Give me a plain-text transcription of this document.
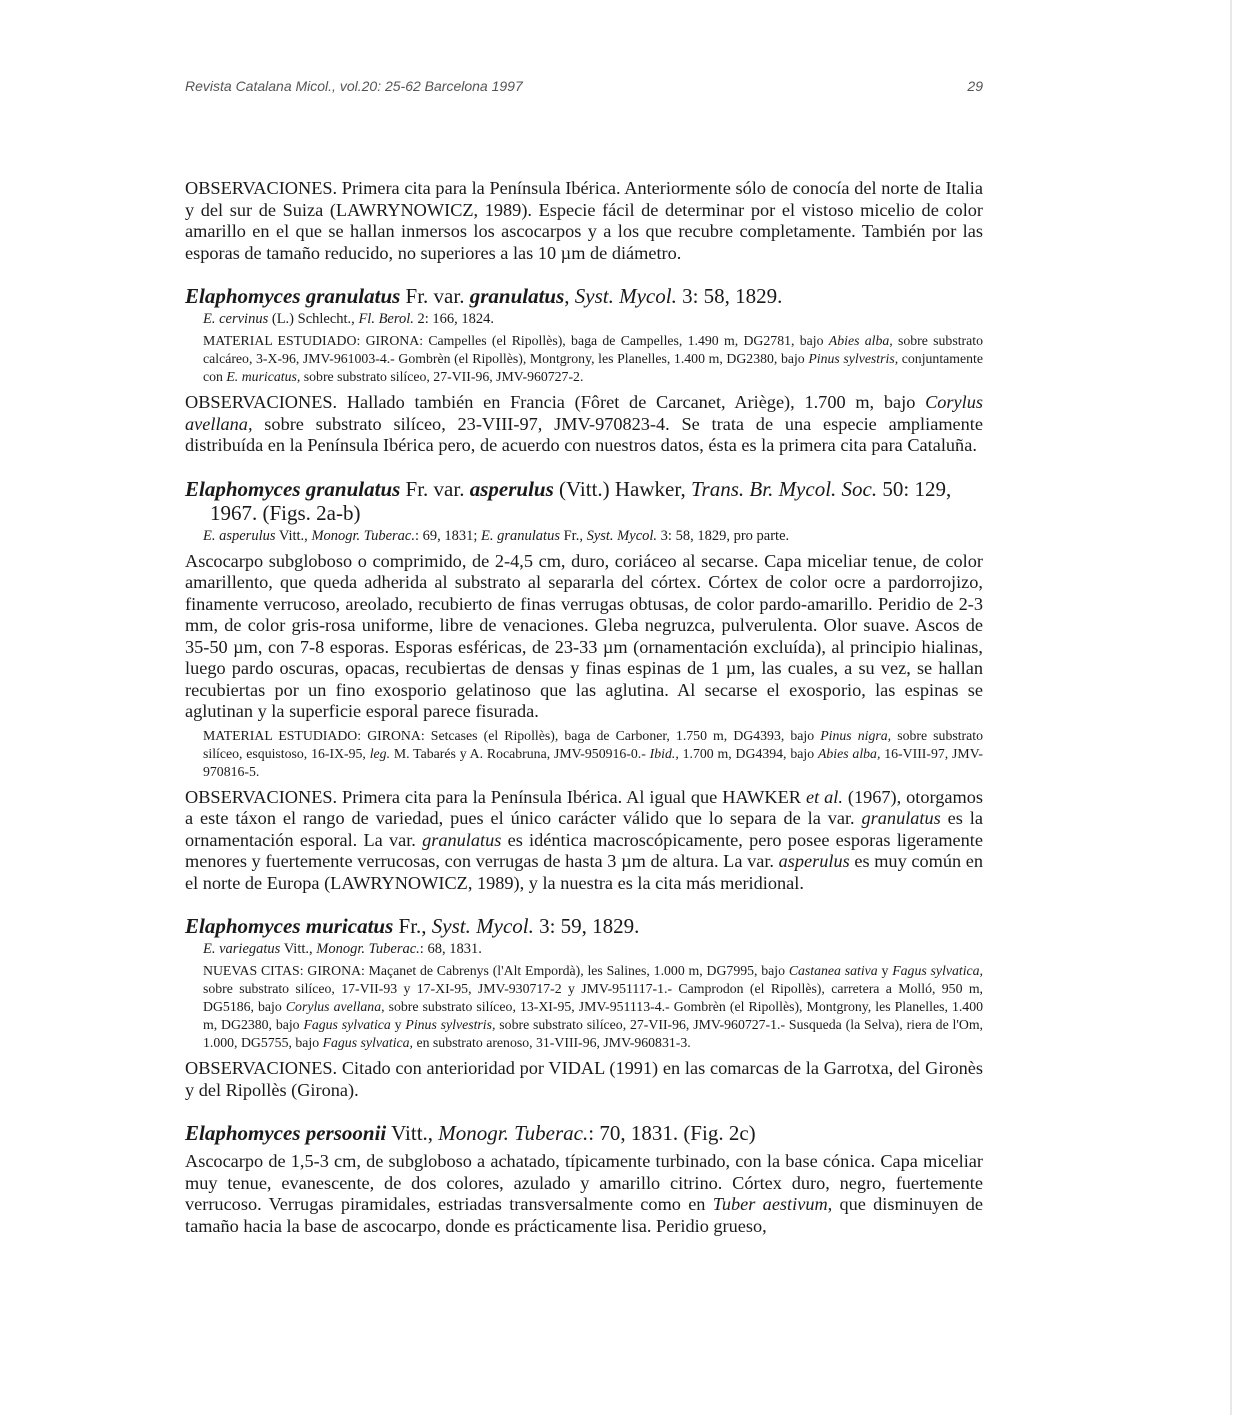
Revista Catalana Micol., vol.20: 25-62 Barcelona 1997	29

OBSERVACIONES. Primera cita para la Península Ibérica. Anteriormente sólo de conocía del norte de Italia y del sur de Suiza (LAWRYNOWICZ, 1989). Especie fácil de determinar por el vistoso micelio de color amarillo en el que se hallan inmersos los ascocarpos y a los que recubre completamente. También por las esporas de tamaño reducido, no superiores a las 10 µm de diámetro.

Elaphomyces granulatus Fr. var. granulatus, Syst. Mycol. 3: 58, 1829.

E. cervinus (L.) Schlecht., Fl. Berol. 2: 166, 1824.

MATERIAL ESTUDIADO: GIRONA: Campelles (el Ripollès), baga de Campelles, 1.490 m, DG2781, bajo Abies alba, sobre substrato calcáreo, 3-X-96, JMV-961003-4.- Gombrèn (el Ripollès), Montgrony, les Planelles, 1.400 m, DG2380, bajo Pinus sylvestris, conjuntamente con E. muricatus, sobre substrato silíceo, 27-VII-96, JMV-960727-2.

OBSERVACIONES. Hallado también en Francia (Fôret de Carcanet, Ariège), 1.700 m, bajo Corylus avellana, sobre substrato silíceo, 23-VIII-97, JMV-970823-4. Se trata de una especie ampliamente distribuída en la Península Ibérica pero, de acuerdo con nuestros datos, ésta es la primera cita para Cataluña.

Elaphomyces granulatus Fr. var. asperulus (Vitt.) Hawker, Trans. Br. Mycol. Soc. 50: 129,
1967. (Figs. 2a-b)

E. asperulus Vitt., Monogr. Tuberac.: 69, 1831; E. granulatus Fr., Syst. Mycol. 3: 58, 1829, pro parte.

Ascocarpo subgloboso o comprimido, de 2-4,5 cm, duro, coriáceo al secarse. Capa miceliar tenue, de color amarillento, que queda adherida al substrato al separarla del córtex. Córtex de color ocre a pardorrojizo, finamente verrucoso, areolado, recubierto de finas verrugas obtusas, de color pardo-amarillo. Peridio de 2-3 mm, de color gris-rosa uniforme, libre de venaciones. Gleba negruzca, pulverulenta. Olor suave. Ascos de 35-50 µm, con 7-8 esporas. Esporas esféricas, de 23-33 µm (ornamentación excluída), al principio hialinas, luego pardo oscuras, opacas, recubiertas de densas y finas espinas de 1 µm, las cuales, a su vez, se hallan recubiertas por un fino exosporio gelatinoso que las aglutina. Al secarse el exosporio, las espinas se aglutinan y la superficie esporal parece fisurada.

MATERIAL ESTUDIADO: GIRONA: Setcases (el Ripollès), baga de Carboner, 1.750 m, DG4393, bajo Pinus nigra, sobre substrato silíceo, esquistoso, 16-IX-95, leg. M. Tabarés y A. Rocabruna, JMV-950916-0.- Ibid., 1.700 m, DG4394, bajo Abies alba, 16-VIII-97, JMV-970816-5.

OBSERVACIONES. Primera cita para la Península Ibérica. Al igual que HAWKER et al. (1967), otorgamos a este táxon el rango de variedad, pues el único carácter válido que lo separa de la var. granulatus es la ornamentación esporal. La var. granulatus es idéntica macroscópicamente, pero posee esporas ligeramente menores y fuertemente verrucosas, con verrugas de hasta 3 µm de altura. La var. asperulus es muy común en el norte de Europa (LAWRYNOWICZ, 1989), y la nuestra es la cita más meridional.

Elaphomyces muricatus Fr., Syst. Mycol. 3: 59, 1829.

E. variegatus Vitt., Monogr. Tuberac.: 68, 1831.

NUEVAS CITAS: GIRONA: Maçanet de Cabrenys (l'Alt Empordà), les Salines, 1.000 m, DG7995, bajo Castanea sativa y Fagus sylvatica, sobre substrato silíceo, 17-VII-93 y 17-XI-95, JMV-930717-2 y JMV-951117-1.- Camprodon (el Ripollès), carretera a Molló, 950 m, DG5186, bajo Corylus avellana, sobre substrato silíceo, 13-XI-95, JMV-951113-4.- Gombrèn (el Ripollès), Montgrony, les Planelles, 1.400 m, DG2380, bajo Fagus sylvatica y Pinus sylvestris, sobre substrato silíceo, 27-VII-96, JMV-960727-1.- Susqueda (la Selva), riera de l'Om, 1.000, DG5755, bajo Fagus sylvatica, en substrato arenoso, 31-VIII-96, JMV-960831-3.

OBSERVACIONES. Citado con anterioridad por VIDAL (1991) en las comarcas de la Garrotxa, del Gironès y del Ripollès (Girona).

Elaphomyces persoonii Vitt., Monogr. Tuberac.: 70, 1831. (Fig. 2c)

Ascocarpo de 1,5-3 cm, de subgloboso a achatado, típicamente turbinado, con la base cónica. Capa miceliar muy tenue, evanescente, de dos colores, azulado y amarillo citrino. Córtex duro, negro, fuertemente verrucoso. Verrugas piramidales, estriadas transversalmente como en Tuber aestivum, que disminuyen de tamaño hacia la base de ascocarpo, donde es prácticamente lisa. Peridio grueso,
